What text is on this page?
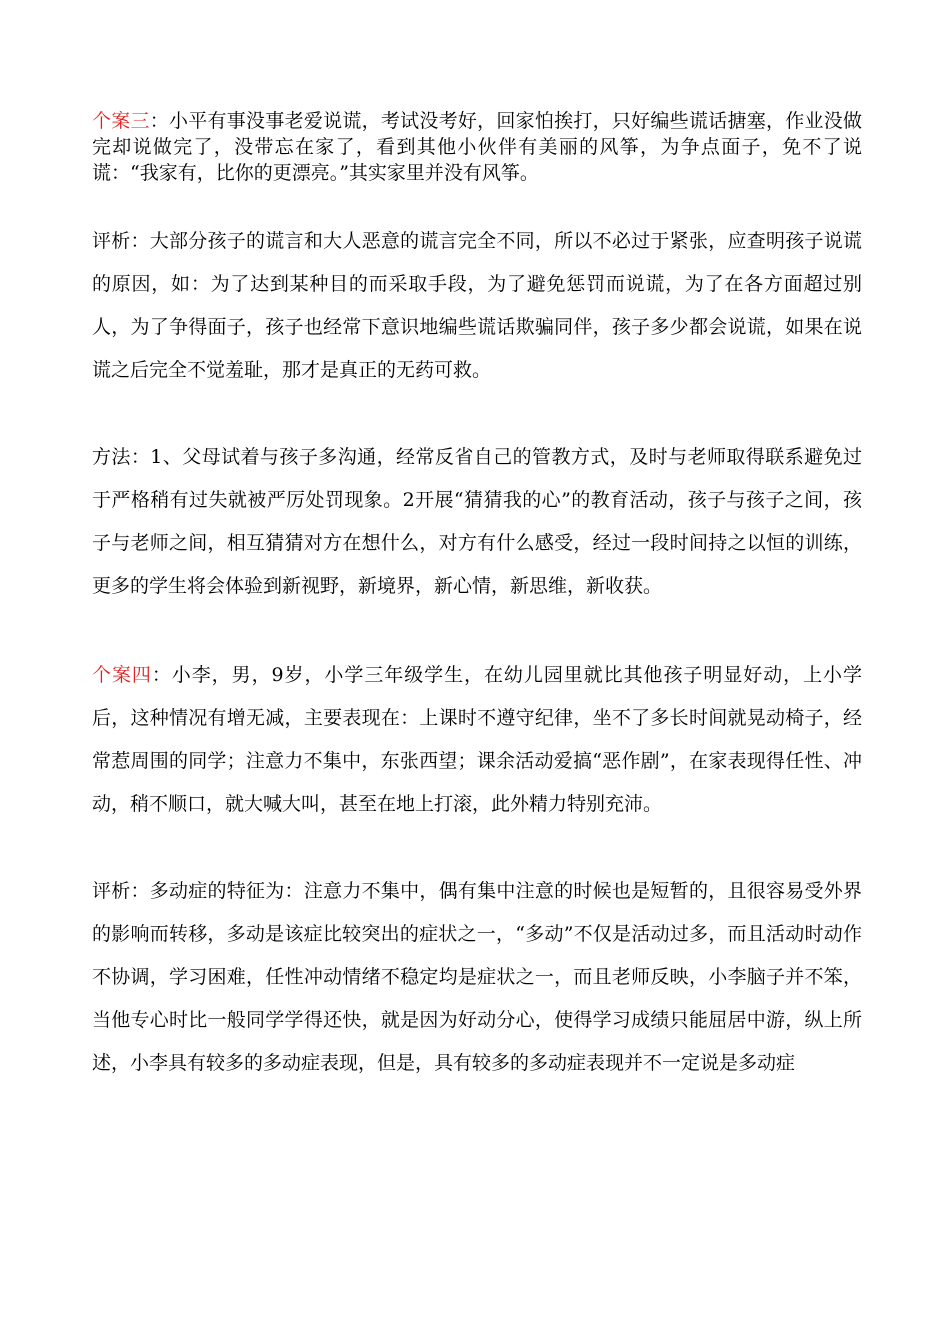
个案三：小平有事没事老爱说谎，考试没考好，回家怕挨打，只好编些谎话搪塞，作业没做完却说做完了，没带忘在家了，看到其他小伙伴有美丽的风筝，为争点面子，免不了说谎：“我家有，比你的更漂亮。”其实家里并没有风筝。

评析：大部分孩子的谎言和大人恶意的谎言完全不同，所以不必过于紧张，应查明孩子说谎的原因，如：为了达到某种目的而采取手段，为了避免惩罚而说谎，为了在各方面超过别人，为了争得面子，孩子也经常下意识地编些谎话欺骗同伴，孩子多少都会说谎，如果在说谎之后完全不觉羞耻，那才是真正的无药可救。

方法：1、父母试着与孩子多沟通，经常反省自己的管教方式，及时与老师取得联系避免过于严格稍有过失就被严厉处罚现象。2开展“猜猜我的心”的教育活动，孩子与孩子之间，孩子与老师之间，相互猜猜对方在想什么，对方有什么感受，经过一段时间持之以恒的训练，更多的学生将会体验到新视野，新境界，新心情，新思维，新收获。

个案四：小李，男，9岁，小学三年级学生，在幼儿园里就比其他孩子明显好动，上小学后，这种情况有增无减，主要表现在：上课时不遵守纪律，坐不了多长时间就晃动椅子，经常惹周围的同学；注意力不集中，东张西望；课余活动爱搞“恶作剧”，在家表现得任性、冲动，稍不顺口，就大喊大叫，甚至在地上打滚，此外精力特别充沛。

评析：多动症的特征为：注意力不集中，偶有集中注意的时候也是短暂的，且很容易受外界的影响而转移，多动是该症比较突出的症状之一，“多动”不仅是活动过多，而且活动时动作不协调，学习困难，任性冲动情绪不稳定均是症状之一，而且老师反映，小李脑子并不笨，当他专心时比一般同学学得还快，就是因为好动分心，使得学习成绩只能屈居中游，纵上所述，小李具有较多的多动症表现，但是，具有较多的多动症表现并不一定说是多动症
